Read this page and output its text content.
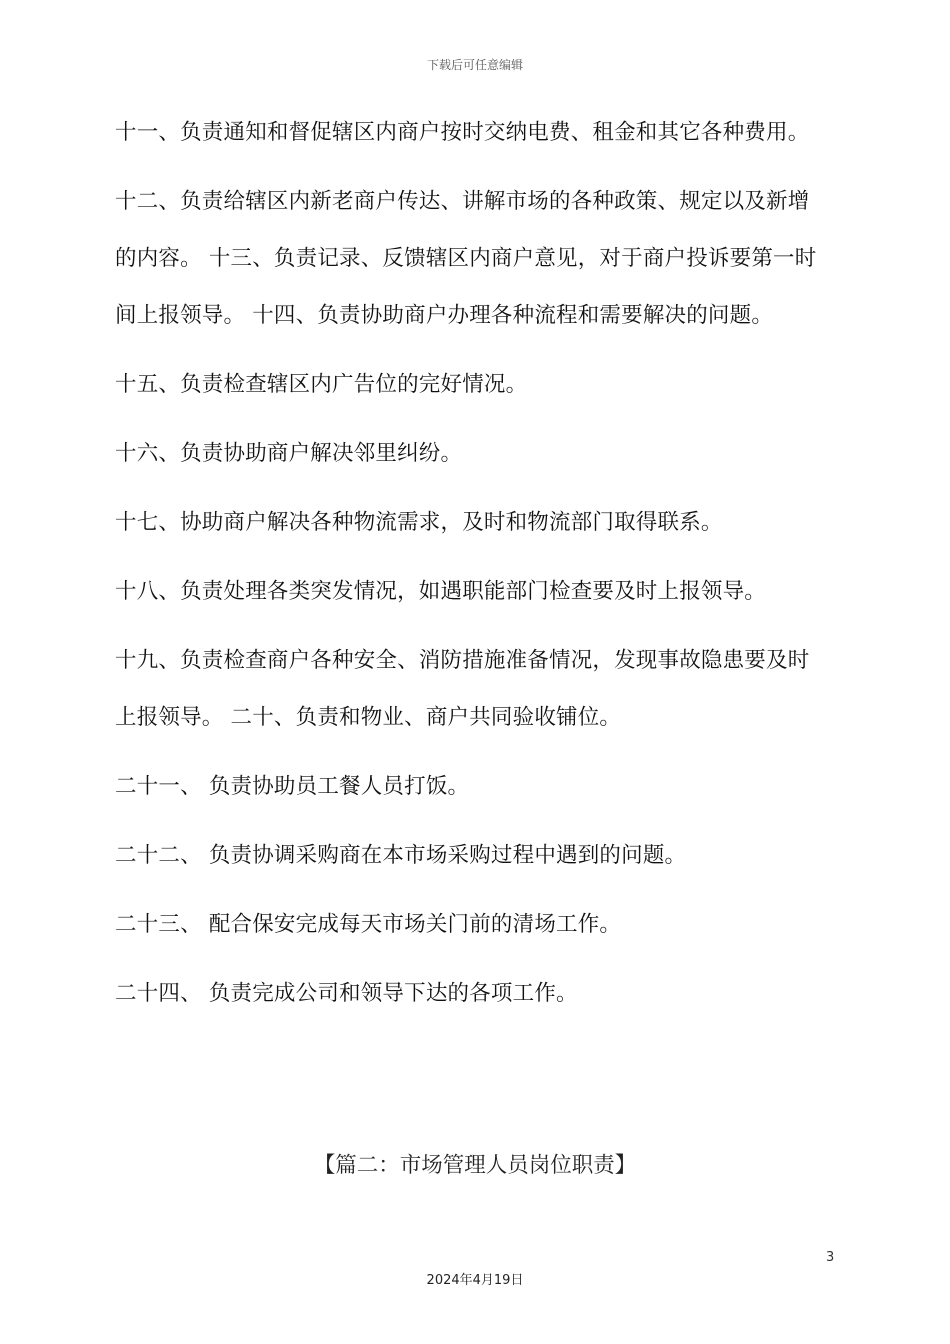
下载后可任意编辑

十一、负责通知和督促辖区内商户按时交纳电费、租金和其它各种费用。

十二、负责给辖区内新老商户传达、讲解市场的各种政策、规定以及新增的内容。 十三、负责记录、反馈辖区内商户意见，对于商户投诉要第一时间上报领导。 十四、负责协助商户办理各种流程和需要解决的问题。

十五、负责检查辖区内广告位的完好情况。

十六、负责协助商户解决邻里纠纷。

十七、协助商户解决各种物流需求，及时和物流部门取得联系。

十八、负责处理各类突发情况，如遇职能部门检查要及时上报领导。

十九、负责检查商户各种安全、消防措施准备情况，发现事故隐患要及时上报领导。 二十、负责和物业、商户共同验收铺位。

二十一、 负责协助员工餐人员打饭。

二十二、 负责协调采购商在本市场采购过程中遇到的问题。

二十三、 配合保安完成每天市场关门前的清场工作。

二十四、 负责完成公司和领导下达的各项工作。

【篇二：市场管理人员岗位职责】
3
2024年4月19日
